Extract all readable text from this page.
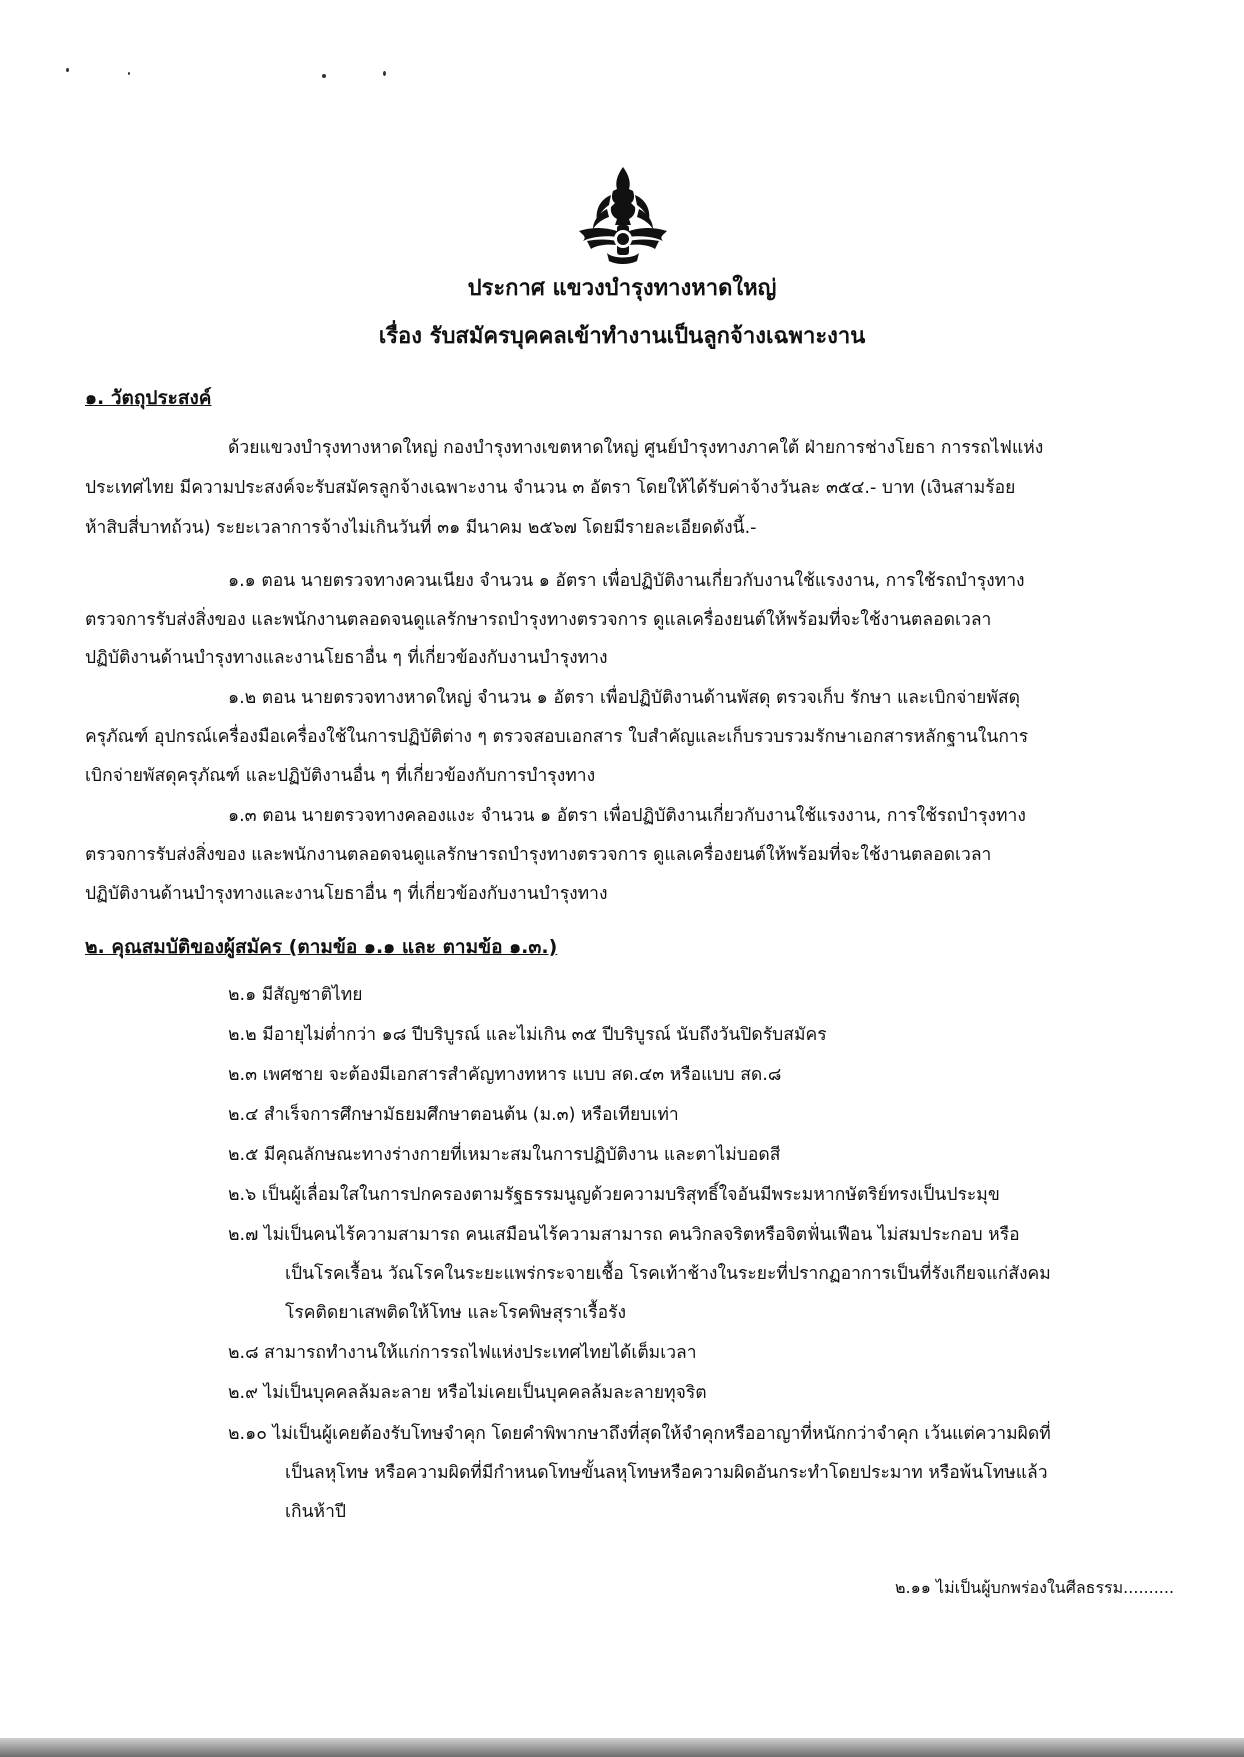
ประกาศ แขวงบำรุงทางหาดใหญ่
เรื่อง รับสมัครบุคคลเข้าทำงานเป็นลูกจ้างเฉพาะงาน
๑. วัตถุประสงค์
ด้วยแขวงบำรุงทางหาดใหญ่ กองบำรุงทางเขตหาดใหญ่ ศูนย์บำรุงทางภาคใต้ ฝ่ายการช่างโยธา การรถไฟแห่ง
ประเทศไทย มีความประสงค์จะรับสมัครลูกจ้างเฉพาะงาน จำนวน ๓ อัตรา โดยให้ได้รับค่าจ้างวันละ ๓๕๔.- บาท (เงินสามร้อย
ห้าสิบสี่บาทถ้วน) ระยะเวลาการจ้างไม่เกินวันที่ ๓๑ มีนาคม ๒๕๖๗ โดยมีรายละเอียดดังนี้.-
๑.๑ ตอน นายตรวจทางควนเนียง จำนวน ๑ อัตรา เพื่อปฏิบัติงานเกี่ยวกับงานใช้แรงงาน, การใช้รถบำรุงทาง
ตรวจการรับส่งสิ่งของ และพนักงานตลอดจนดูแลรักษารถบำรุงทางตรวจการ ดูแลเครื่องยนต์ให้พร้อมที่จะใช้งานตลอดเวลา
ปฏิบัติงานด้านบำรุงทางและงานโยธาอื่น ๆ ที่เกี่ยวข้องกับงานบำรุงทาง
๑.๒ ตอน นายตรวจทางหาดใหญ่ จำนวน ๑ อัตรา เพื่อปฏิบัติงานด้านพัสดุ ตรวจเก็บ รักษา และเบิกจ่ายพัสดุ
ครุภัณฑ์ อุปกรณ์เครื่องมือเครื่องใช้ในการปฏิบัติต่าง ๆ ตรวจสอบเอกสาร ใบสำคัญและเก็บรวบรวมรักษาเอกสารหลักฐานในการ
เบิกจ่ายพัสดุครุภัณฑ์ และปฏิบัติงานอื่น ๆ ที่เกี่ยวข้องกับการบำรุงทาง
๑.๓ ตอน นายตรวจทางคลองแงะ จำนวน ๑ อัตรา เพื่อปฏิบัติงานเกี่ยวกับงานใช้แรงงาน, การใช้รถบำรุงทาง
ตรวจการรับส่งสิ่งของ และพนักงานตลอดจนดูแลรักษารถบำรุงทางตรวจการ ดูแลเครื่องยนต์ให้พร้อมที่จะใช้งานตลอดเวลา
ปฏิบัติงานด้านบำรุงทางและงานโยธาอื่น ๆ ที่เกี่ยวข้องกับงานบำรุงทาง
๒. คุณสมบัติของผู้สมัคร (ตามข้อ ๑.๑ และ ตามข้อ ๑.๓.)
๒.๑ มีสัญชาติไทย
๒.๒ มีอายุไม่ต่ำกว่า ๑๘ ปีบริบูรณ์ และไม่เกิน ๓๕ ปีบริบูรณ์ นับถึงวันปิดรับสมัคร
๒.๓ เพศชาย จะต้องมีเอกสารสำคัญทางทหาร แบบ สด.๔๓ หรือแบบ สด.๘
๒.๔ สำเร็จการศึกษามัธยมศึกษาตอนต้น (ม.๓) หรือเทียบเท่า
๒.๕ มีคุณลักษณะทางร่างกายที่เหมาะสมในการปฏิบัติงาน และตาไม่บอดสี
๒.๖ เป็นผู้เลื่อมใสในการปกครองตามรัฐธรรมนูญด้วยความบริสุทธิ์ใจอันมีพระมหากษัตริย์ทรงเป็นประมุข
๒.๗ ไม่เป็นคนไร้ความสามารถ คนเสมือนไร้ความสามารถ คนวิกลจริตหรือจิตฟั่นเฟือน ไม่สมประกอบ หรือ
เป็นโรคเรื้อน วัณโรคในระยะแพร่กระจายเชื้อ โรคเท้าช้างในระยะที่ปรากฏอาการเป็นที่รังเกียจแก่สังคม
โรคติดยาเสพติดให้โทษ และโรคพิษสุราเรื้อรัง
๒.๘ สามารถทำงานให้แก่การรถไฟแห่งประเทศไทยได้เต็มเวลา
๒.๙ ไม่เป็นบุคคลล้มละลาย หรือไม่เคยเป็นบุคคลล้มละลายทุจริต
๒.๑๐ ไม่เป็นผู้เคยต้องรับโทษจำคุก โดยคำพิพากษาถึงที่สุดให้จำคุกหรืออาญาที่หนักกว่าจำคุก เว้นแต่ความผิดที่
เป็นลหุโทษ หรือความผิดที่มีกำหนดโทษขั้นลหุโทษหรือความผิดอันกระทำโดยประมาท หรือพ้นโทษแล้ว
เกินห้าปี
๒.๑๑ ไม่เป็นผู้บกพร่องในศีลธรรม..........
